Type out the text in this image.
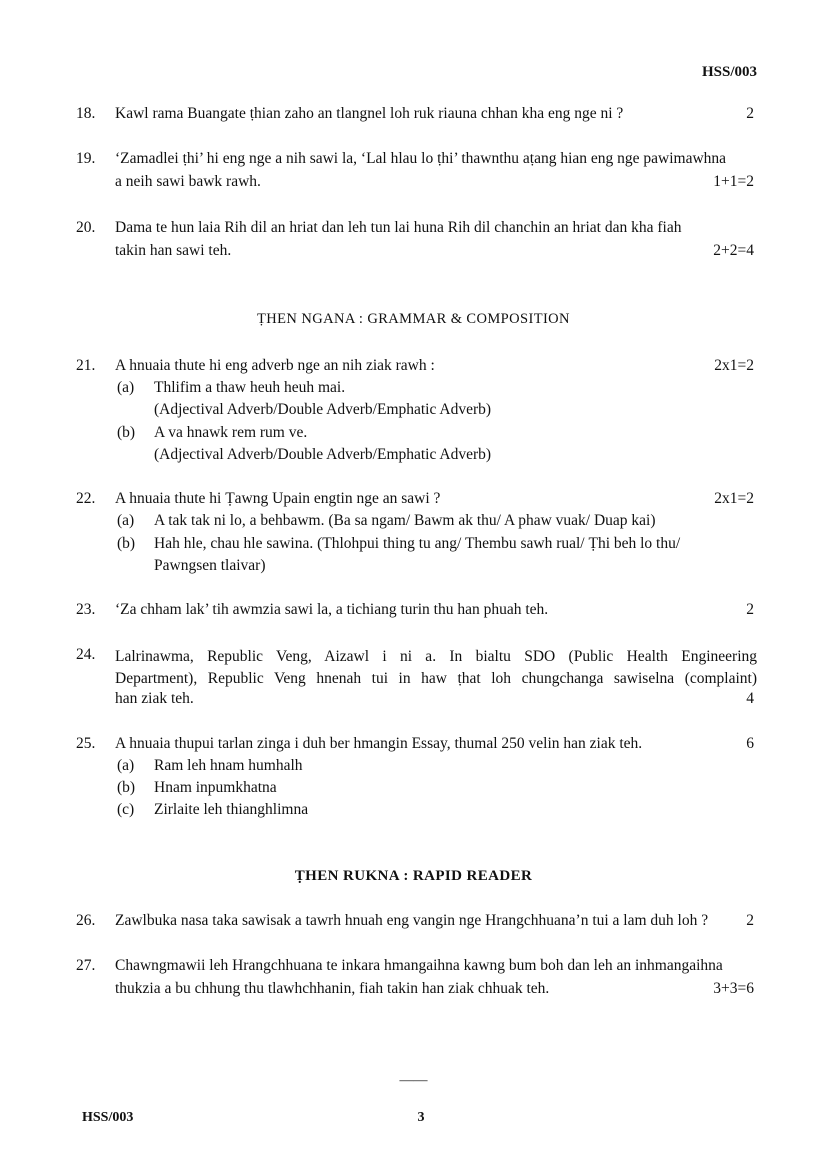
HSS/003
18. Kawl rama Buangate ṭhian zaho an tlangnel loh ruk riauna chhan kha eng nge ni ?	2
19. ‘Zamadlei ṭhi’ hi eng nge a nih sawi la, ‘Lal hlau lo ṭhi’ thawnthu aṭang hian eng nge pawimawhna
a neih sawi bawk rawh.	1+1=2
20. Dama te hun laia Rih dil an hriat dan leh tun lai huna Rih dil chanchin an hriat dan kha fiah
takin han sawi teh.	2+2=4
ṬHEN NGANA : GRAMMAR & COMPOSITION
21. A hnuaia thute hi eng adverb nge an nih ziak rawh :	2x1=2
(a) Thlifim a thaw heuh heuh mai.
(Adjectival Adverb/Double Adverb/Emphatic Adverb)
(b) A va hnawk rem rum ve.
(Adjectival Adverb/Double Adverb/Emphatic Adverb)
22. A hnuaia thute hi Ṭawng Upain engtin nge an sawi ?	2x1=2
(a) A tak tak ni lo, a behbawm. (Ba sa ngam/ Bawm ak thu/ A phaw vuak/ Duap kai)
(b) Hah hle, chau hle sawina. (Thlohpui thing tu ang/ Thembu sawh rual/ Ṭhi beh lo thu/
Pawngsen tlaivar)
23. ‘Za chham lak’ tih awmzia sawi la, a tichiang turin thu han phuah teh.	2
24. Lalrinawma, Republic Veng, Aizawl i ni a. In bialtu SDO (Public Health Engineering
Department), Republic Veng hnenah tui in haw ṭhat loh chungchanga sawiselna (complaint)
han ziak teh.	4
25. A hnuaia thupui tarlan zinga i duh ber hmangin Essay, thumal 250 velin han ziak teh.	6
(a) Ram leh hnam humhalh
(b) Hnam inpumkhatna
(c) Zirlaite leh thianghlimna
ṬHEN RUKNA : RAPID READER
26. Zawlbuka nasa taka sawisak a tawrh hnuah eng vangin nge Hrangchhuana’n tui a lam duh loh ? 2
27. Chawngmawii leh Hrangchhuana te inkara hmangaihna kawng bum boh dan leh an inhmangaihna
thukzia a bu chhung thu tlawhchhanin, fiah takin han ziak chhuak teh.	3+3=6
——
HSS/003	3
